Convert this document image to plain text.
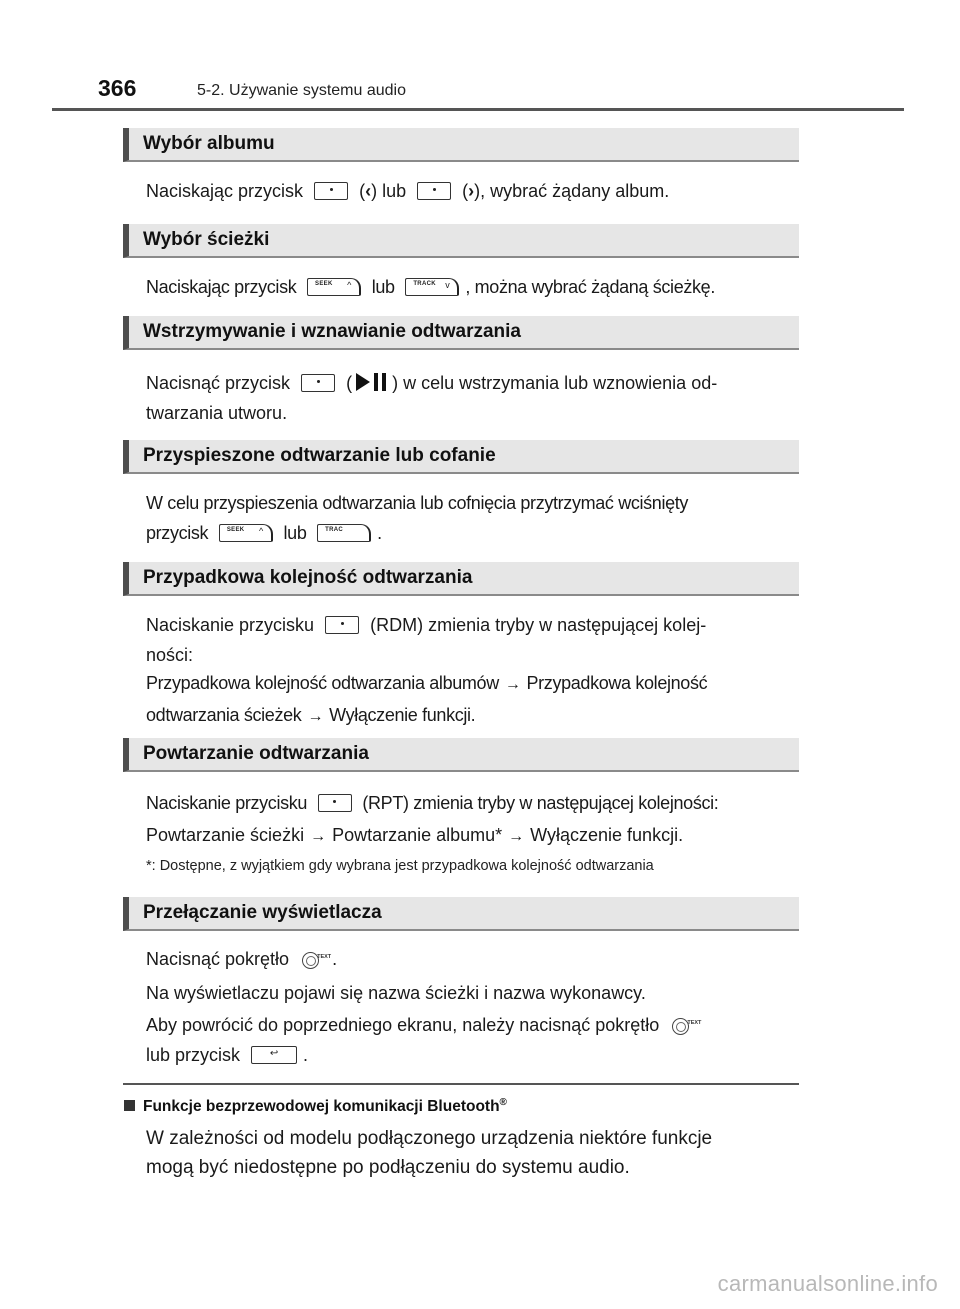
366	5-2. Używanie systemu audio
Wybór albumu
Naciskając przycisk	(‹) lub	(›), wybrać żądany album.
Wybór ścieżki
Naciskając przycisk	SEEK ^ lub	TRACK v , można wybrać żądaną ścieżkę.
Wstrzymywanie i wznawianie odtwarzania
Nacisnąć przycisk	( ) w celu wstrzymania lub wznowienia od-
twarzania utworu.
Przyspieszone odtwarzanie lub cofanie
W celu przyspieszenia odtwarzania lub cofnięcia przytrzymać wciśnięty
przycisk	SEEK ^ lub	TRAC .
Przypadkowa kolejność odtwarzania
Naciskanie przycisku	(RDM) zmienia tryby w następującej kolej-
ności:
Przypadkowa kolejność odtwarzania albumów → Przypadkowa kolejność
odtwarzania ścieżek → Wyłączenie funkcji.
Powtarzanie odtwarzania
Naciskanie przycisku	(RPT) zmienia tryby w następującej kolejności:
Powtarzanie ścieżki → Powtarzanie albumu* → Wyłączenie funkcji.
*: Dostępne, z wyjątkiem gdy wybrana jest przypadkowa kolejność odtwarzania
Przełączanie wyświetlacza
Nacisnąć pokrętło	TEXT .
Na wyświetlaczu pojawi się nazwa ścieżki i nazwa wykonawcy.
Aby powrócić do poprzedniego ekranu, należy nacisnąć pokrętło	TEXT

lub przycisk	↩	.
Funkcje bezprzewodowej komunikacji Bluetooth®
W zależności od modelu podłączonego urządzenia niektóre funkcje
mogą być niedostępne po podłączeniu do systemu audio.
carmanualsonline.info
